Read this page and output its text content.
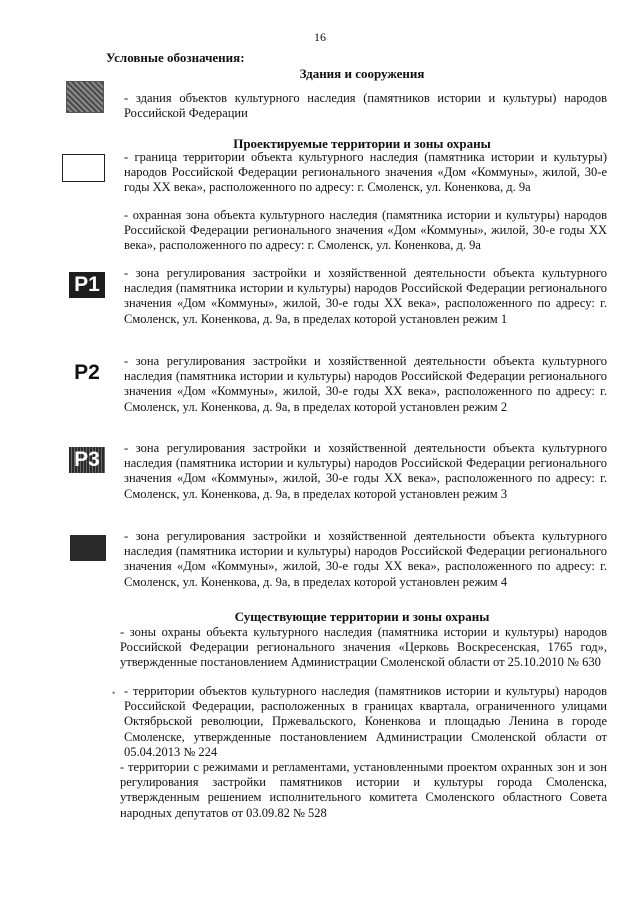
16
Условные обозначения:
Здания и сооружения
- здания объектов культурного наследия (памятников истории и культуры) народов Российской Федерации
Проектируемые территории и зоны охраны
- граница территории объекта культурного наследия (памятника истории и культуры) народов Российской Федерации регионального значения «Дом «Коммуны», жилой, 30-е годы XX века», расположенного по адресу: г. Смоленск, ул. Коненкова, д. 9а
- охранная зона объекта культурного наследия (памятника истории и культуры) народов Российской Федерации регионального значения «Дом «Коммуны», жилой, 30-е годы XX века», расположенного по адресу: г. Смоленск, ул. Коненкова, д. 9а
Р1	- зона регулирования застройки и хозяйственной деятельности объекта культурного наследия (памятника истории и культуры) народов Российской Федерации регионального значения «Дом «Коммуны», жилой, 30-е годы XX века», расположенного по адресу: г. Смоленск, ул. Коненкова, д. 9а, в пределах которой установлен режим 1
Р2	- зона регулирования застройки и хозяйственной деятельности объекта культурного наследия (памятника истории и культуры) народов Российской Федерации регионального значения «Дом «Коммуны», жилой, 30-е годы XX века», расположенного по адресу: г. Смоленск, ул. Коненкова, д. 9а, в пределах которой установлен режим 2
Р3	- зона регулирования застройки и хозяйственной деятельности объекта культурного наследия (памятника истории и культуры) народов Российской Федерации регионального значения «Дом «Коммуны», жилой, 30-е годы XX века», расположенного по адресу: г. Смоленск, ул. Коненкова, д. 9а, в пределах которой установлен режим 3
- зона регулирования застройки и хозяйственной деятельности объекта культурного наследия (памятника истории и культуры) народов Российской Федерации регионального значения «Дом «Коммуны», жилой, 30-е годы XX века», расположенного по адресу: г. Смоленск, ул. Коненкова, д. 9а, в пределах которой установлен режим 4
Существующие территории и зоны охраны
- зоны охраны объекта культурного наследия (памятника истории и культуры) народов Российской Федерации регионального значения «Церковь Воскресенская, 1765 год», утвержденные постановлением Администрации Смоленской области от 25.10.2010 № 630
• - территории объектов культурного наследия (памятников истории и культуры) народов Российской Федерации, расположенных в границах квартала, ограниченного улицами Октябрьской революции, Пржевальского, Коненкова и площадью Ленина в городе Смоленске, утвержденные постановлением Администрации Смоленской области от 05.04.2013 № 224
- территории с режимами и регламентами, установленными проектом охранных зон и зон регулирования застройки памятников истории и культуры города Смоленска, утвержденным решением исполнительного комитета Смоленского областного Совета народных депутатов от 03.09.82 № 528
